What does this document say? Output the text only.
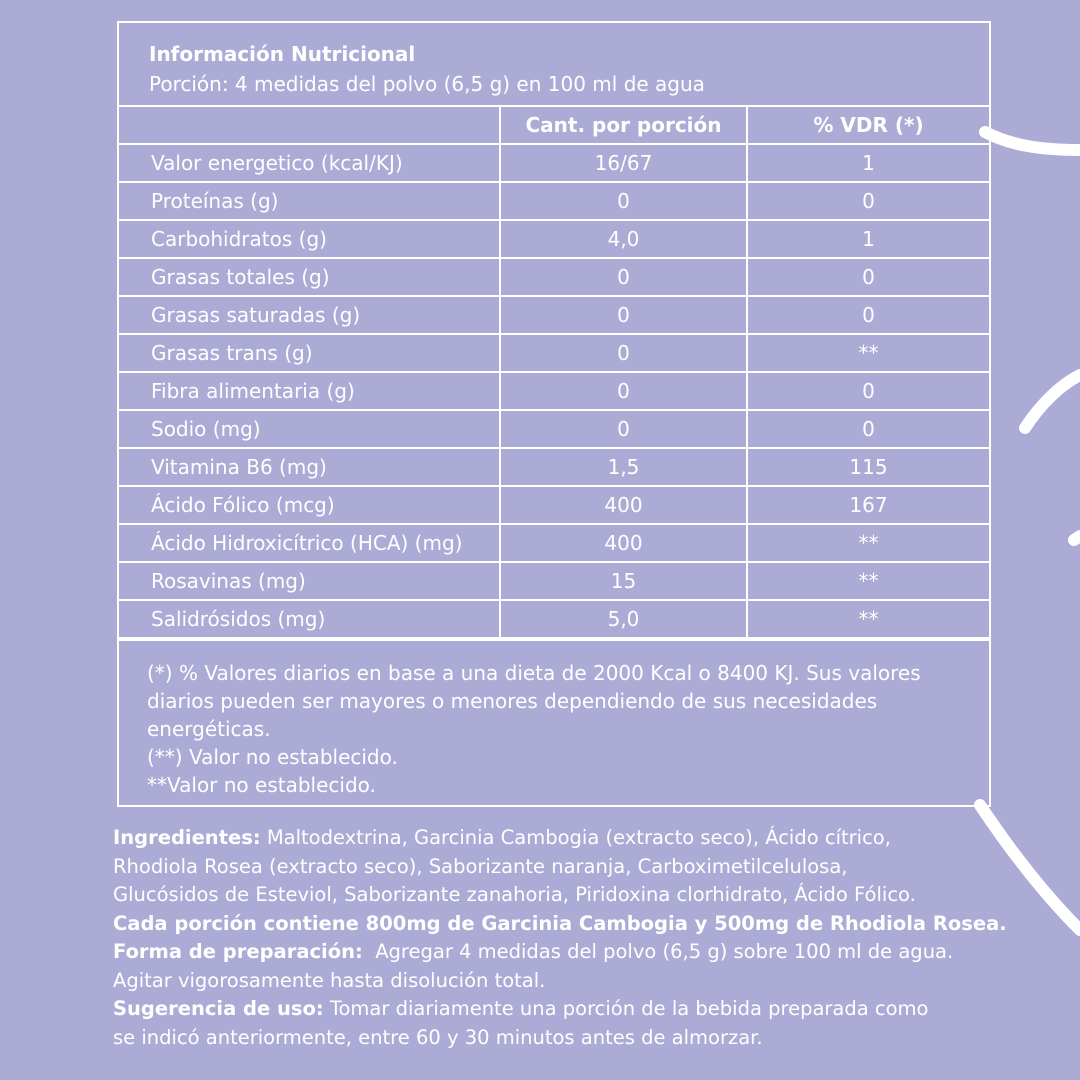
Información Nutricional
Porción: 4 medidas del polvo (6,5 g) en 100 ml de agua
	Cant. por porción	% VDR (*)
Valor energetico (kcal/KJ)	16/67	1
Proteínas (g)	0	0
Carbohidratos (g)	4,0	1
Grasas totales (g)	0	0
Grasas saturadas (g)	0	0
Grasas trans (g)	0	**
Fibra alimentaria (g)	0	0
Sodio (mg)	0	0
Vitamina B6 (mg)	1,5	115
Ácido Fólico (mcg)	400	167
Ácido Hidroxicítrico (HCA) (mg)	400	**
Rosavinas (mg)	15	**
Salidrósidos (mg)	5,0	**
(*) % Valores diarios en base a una dieta de 2000 Kcal o 8400 KJ. Sus valores
diarios pueden ser mayores o menores dependiendo de sus necesidades
energéticas.
(**) Valor no establecido.
**Valor no establecido.
Ingredientes: Maltodextrina, Garcinia Cambogia (extracto seco), Ácido cítrico,
Rhodiola Rosea (extracto seco), Saborizante naranja, Carboximetilcelulosa,
Glucósidos de Esteviol, Saborizante zanahoria, Piridoxina clorhidrato, Ácido Fólico.
Cada porción contiene 800mg de Garcinia Cambogia y 500mg de Rhodiola Rosea.
Forma de preparación:  Agregar 4 medidas del polvo (6,5 g) sobre 100 ml de agua.
Agitar vigorosamente hasta disolución total.
Sugerencia de uso: Tomar diariamente una porción de la bebida preparada como
se indicó anteriormente, entre 60 y 30 minutos antes de almorzar.
